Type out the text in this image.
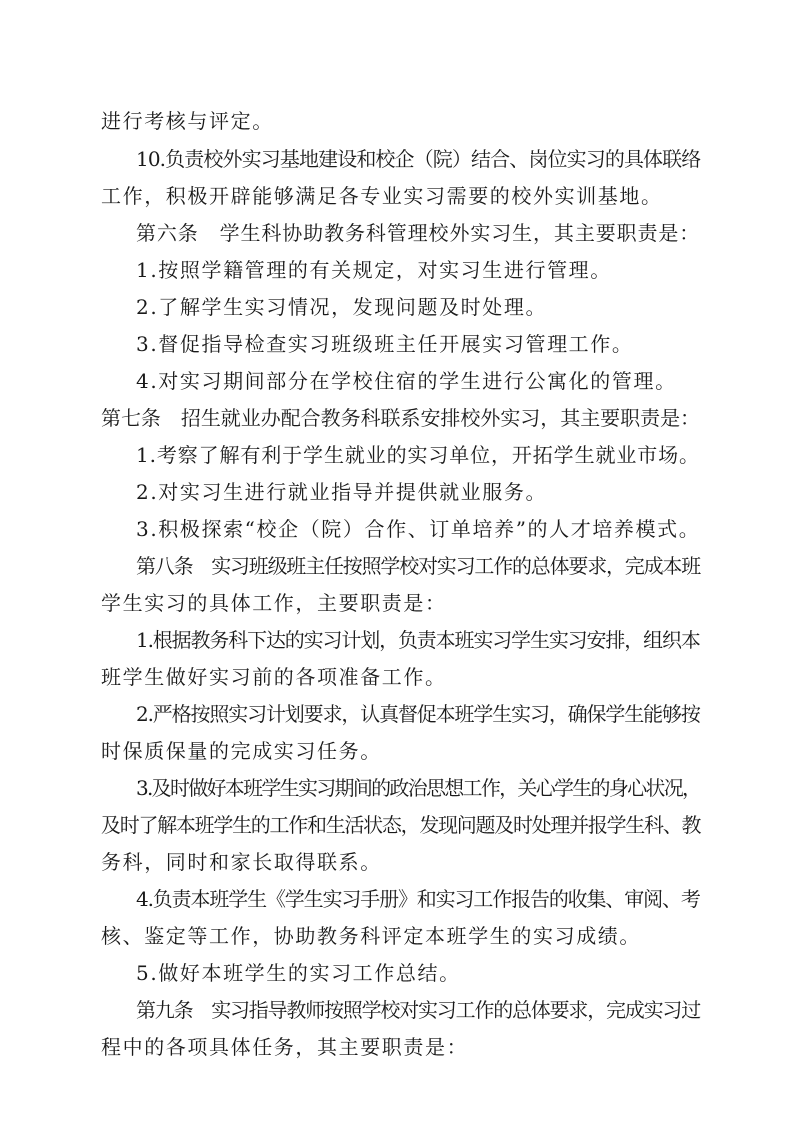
进行考核与评定。
10.负责校外实习基地建设和校企（院）结合、岗位实习的具体联络
工作，积极开辟能够满足各专业实习需要的校外实训基地。
第六条　学生科协助教务科管理校外实习生，其主要职责是：
1.按照学籍管理的有关规定，对实习生进行管理。
2.了解学生实习情况，发现问题及时处理。
3.督促指导检查实习班级班主任开展实习管理工作。
4.对实习期间部分在学校住宿的学生进行公寓化的管理。
第七条　招生就业办配合教务科联系安排校外实习，其主要职责是：
1.考察了解有利于学生就业的实习单位，开拓学生就业市场。
2.对实习生进行就业指导并提供就业服务。
3.积极探索“校企（院）合作、订单培养”的人才培养模式。
第八条　实习班级班主任按照学校对实习工作的总体要求，完成本班
学生实习的具体工作，主要职责是：
1.根据教务科下达的实习计划，负责本班实习学生实习安排，组织本
班学生做好实习前的各项准备工作。
2.严格按照实习计划要求，认真督促本班学生实习，确保学生能够按
时保质保量的完成实习任务。
3.及时做好本班学生实习期间的政治思想工作，关心学生的身心状况，
及时了解本班学生的工作和生活状态，发现问题及时处理并报学生科、教
务科，同时和家长取得联系。
4.负责本班学生《学生实习手册》和实习工作报告的收集、审阅、考
核、鉴定等工作，协助教务科评定本班学生的实习成绩。
5.做好本班学生的实习工作总结。
第九条　实习指导教师按照学校对实习工作的总体要求，完成实习过
程中的各项具体任务，其主要职责是：
